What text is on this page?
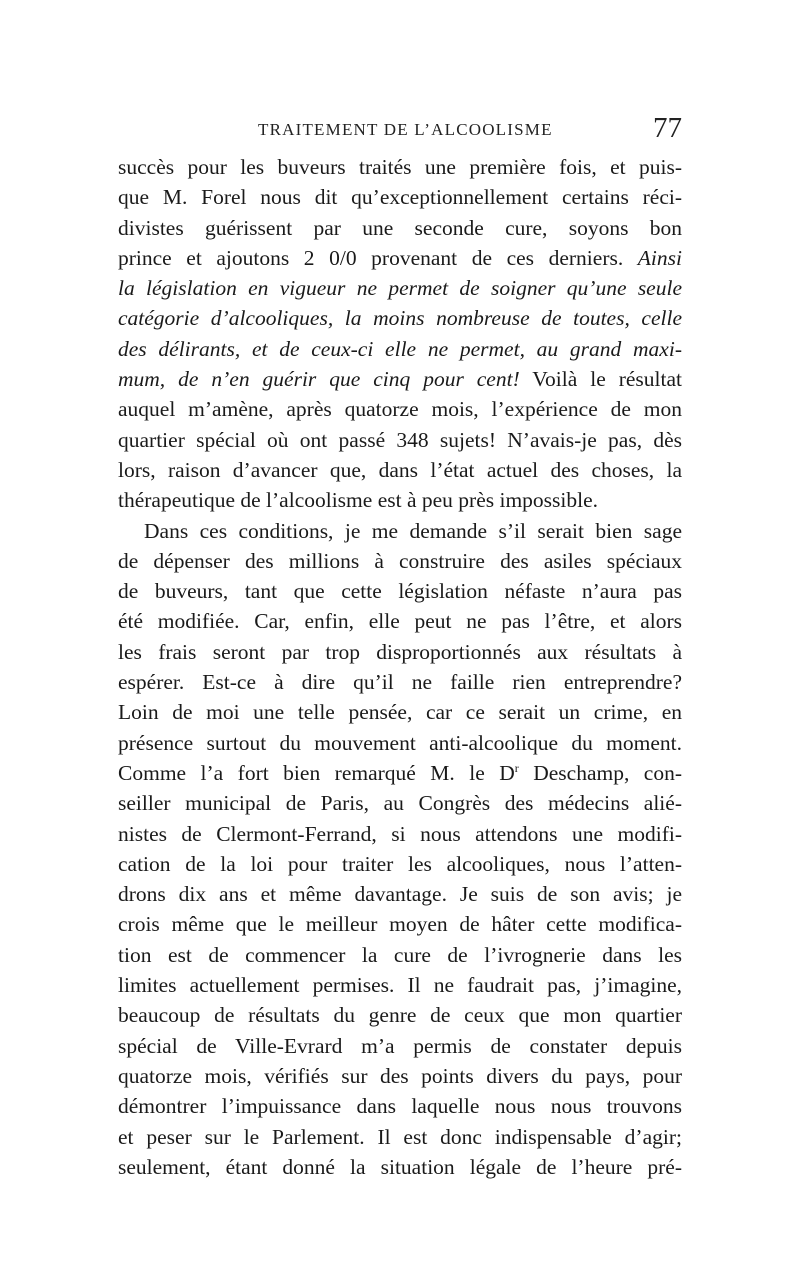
TRAITEMENT DE L’ALCOOLISME	77
succès pour les buveurs traités une première fois, et puis-
que M. Forel nous dit qu’exceptionnellement certains réci-
divistes guérissent par une seconde cure, soyons bon
prince et ajoutons 2 0/0 provenant de ces derniers. Ainsi
la législation en vigueur ne permet de soigner qu’une seule
catégorie d’alcooliques, la moins nombreuse de toutes, celle
des délirants, et de ceux-ci elle ne permet, au grand maxi-
mum, de n’en guérir que cinq pour cent! Voilà le résultat
auquel m’amène, après quatorze mois, l’expérience de mon
quartier spécial où ont passé 348 sujets! N’avais-je pas, dès
lors, raison d’avancer que, dans l’état actuel des choses, la
thérapeutique de l’alcoolisme est à peu près impossible.
Dans ces conditions, je me demande s’il serait bien sage
de dépenser des millions à construire des asiles spéciaux
de buveurs, tant que cette législation néfaste n’aura pas
été modifiée. Car, enfin, elle peut ne pas l’être, et alors
les frais seront par trop disproportionnés aux résultats à
espérer. Est-ce à dire qu’il ne faille rien entreprendre?
Loin de moi une telle pensée, car ce serait un crime, en
présence surtout du mouvement anti-alcoolique du moment.
Comme l’a fort bien remarqué M. le $D^r$ Deschamp, con-
seiller municipal de Paris, au Congrès des médecins alié-
nistes de Clermont-Ferrand, si nous attendons une modifi-
cation de la loi pour traiter les alcooliques, nous l’atten-
drons dix ans et même davantage. Je suis de son avis; je
crois même que le meilleur moyen de hâter cette modifica-
tion est de commencer la cure de l’ivrognerie dans les
limites actuellement permises. Il ne faudrait pas, j’imagine,
beaucoup de résultats du genre de ceux que mon quartier
spécial de Ville-Evrard m’a permis de constater depuis
quatorze mois, vérifiés sur des points divers du pays, pour
démontrer l’impuissance dans laquelle nous nous trouvons
et peser sur le Parlement. Il est donc indispensable d’agir;
seulement, étant donné la situation légale de l’heure pré-
